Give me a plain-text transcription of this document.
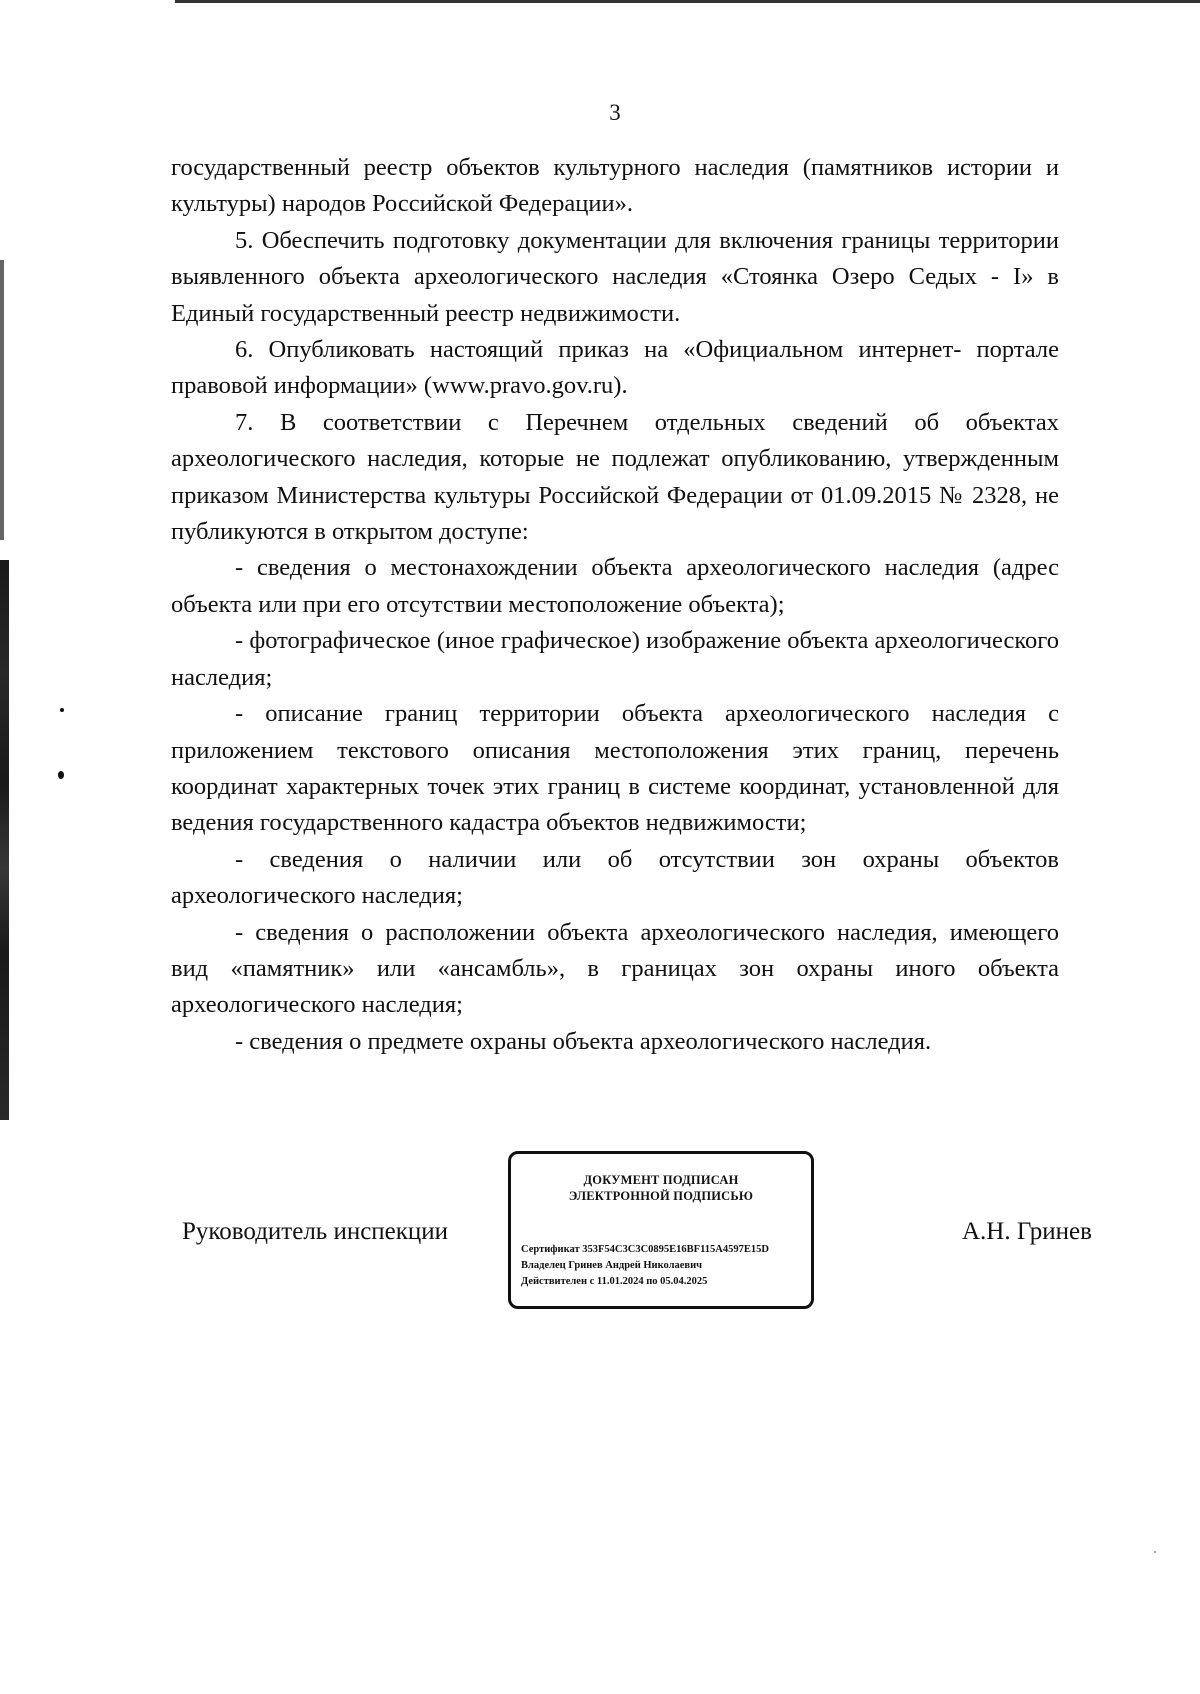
3

государственный реестр объектов культурного наследия (памятников истории и культуры) народов Российской Федерации».

5. Обеспечить подготовку документации для включения границы территории выявленного объекта археологического наследия «Стоянка Озеро Седых - I» в Единый государственный реестр недвижимости.

6. Опубликовать настоящий приказ на «Официальном интернет- портале правовой информации» (www.pravo.gov.ru).

7. В соответствии с Перечнем отдельных сведений об объектах археологического наследия, которые не подлежат опубликованию, утвержденным приказом Министерства культуры Российской Федерации от 01.09.2015 № 2328, не публикуются в открытом доступе:

- сведения о местонахождении объекта археологического наследия (адрес объекта или при его отсутствии местоположение объекта);

- фотографическое (иное графическое) изображение объекта археологического наследия;

- описание границ территории объекта археологического наследия с приложением текстового описания местоположения этих границ, перечень координат характерных точек этих границ в системе координат, установленной для ведения государственного кадастра объектов недвижимости;

- сведения о наличии или об отсутствии зон охраны объектов археологического наследия;

- сведения о расположении объекта археологического наследия, имеющего вид «памятник» или «ансамбль», в границах зон охраны иного объекта археологического наследия;

- сведения о предмете охраны объекта археологического наследия.

Руководитель инспекции
ДОКУМЕНТ ПОДПИСАН
ЭЛЕКТРОННОЙ ПОДПИСЬЮ
Сертификат 353F54C3C3C0895E16BF115A4597E15D
Владелец Гринев Андрей Николаевич
Действителен с 11.01.2024 по 05.04.2025
А.Н. Гринев
